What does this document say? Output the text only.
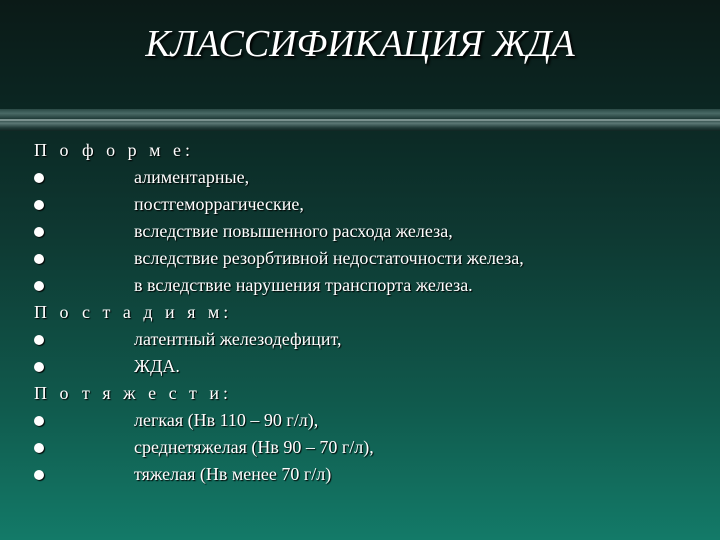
КЛАССИФИКАЦИЯ ЖДА
П о ф о р м е:
алиментарные,
постгеморрагические,
вследствие повышенного расхода железа,
вследствие резорбтивной недостаточности железа,
в вследствие нарушения транспорта железа.
П о с т а д и я м:
латентный железодефицит,
ЖДА.
П о т я ж е с т и:
легкая (Нв 110 – 90 г/л),
среднетяжелая (Нв 90 – 70 г/л),
тяжелая (Нв менее 70 г/л)
